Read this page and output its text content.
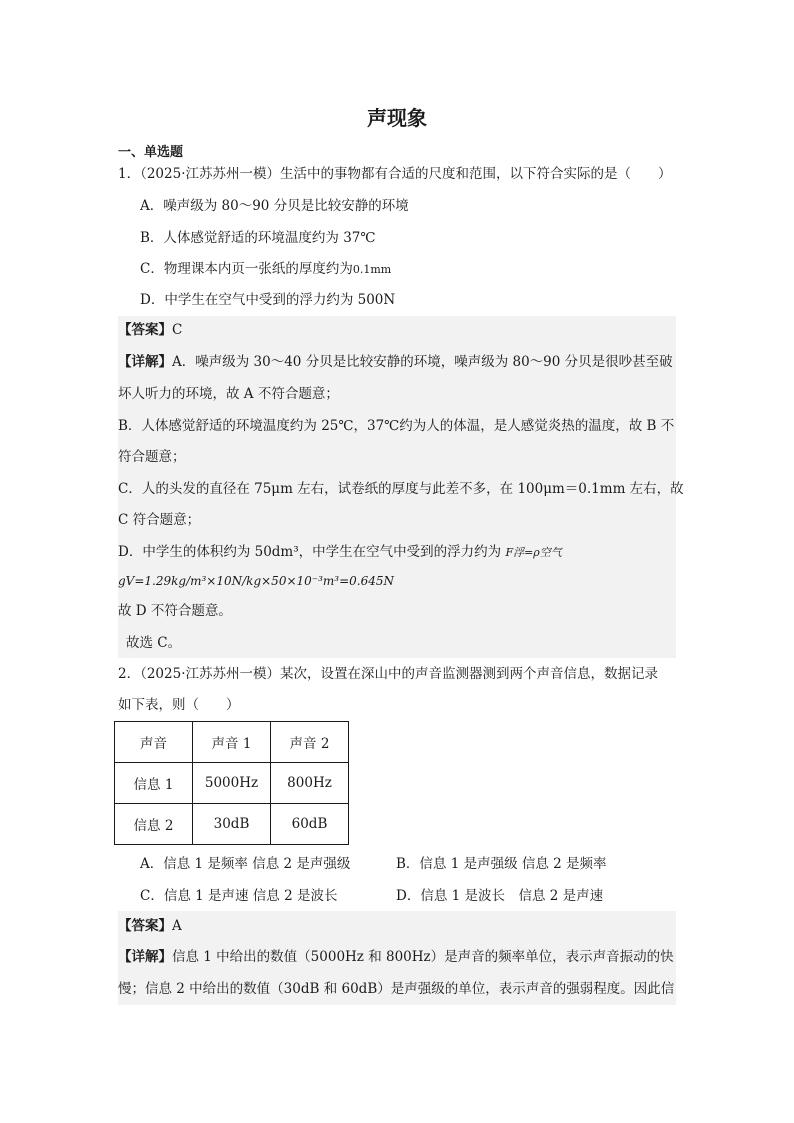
声现象
一、单选题
1．（2025·江苏苏州一模）生活中的事物都有合适的尺度和范围，以下符合实际的是（　　）
A．噪声级为 80～90 分贝是比较安静的环境
B．人体感觉舒适的环境温度约为 37℃
C．物理课本内页一张纸的厚度约为0.1mm
D．中学生在空气中受到的浮力约为 500N
【答案】C
【详解】A．噪声级为 30～40 分贝是比较安静的环境，噪声级为 80～90 分贝是很吵甚至破
坏人听力的环境，故 A 不符合题意；
B．人体感觉舒适的环境温度约为 25℃，37℃约为人的体温，是人感觉炎热的温度，故 B 不
符合题意；
C．人的头发的直径在 75μm 左右，试卷纸的厚度与此差不多，在 100μm＝0.1mm 左右，故
C 符合题意；
D．中学生的体积约为 50dm³，中学生在空气中受到的浮力约为 F浮=ρ空气
gV=1.29kg/m³×10N/kg×50×10⁻³m³=0.645N
故 D 不符合题意。
故选 C。
2．（2025·江苏苏州一模）某次，设置在深山中的声音监测器测到两个声音信息，数据记录
如下表，则（　　）
声音	声音 1	声音 2
信息 1	5000Hz	800Hz
信息 2	30dB	60dB
A．信息 1 是频率 信息 2 是声强级	B．信息 1 是声强级 信息 2 是频率
C．信息 1 是声速 信息 2 是波长	D．信息 1 是波长　信息 2 是声速
【答案】A
【详解】信息 1 中给出的数值（5000Hz 和 800Hz）是声音的频率单位，表示声音振动的快
慢；信息 2 中给出的数值（30dB 和 60dB）是声强级的单位，表示声音的强弱程度。因此信
